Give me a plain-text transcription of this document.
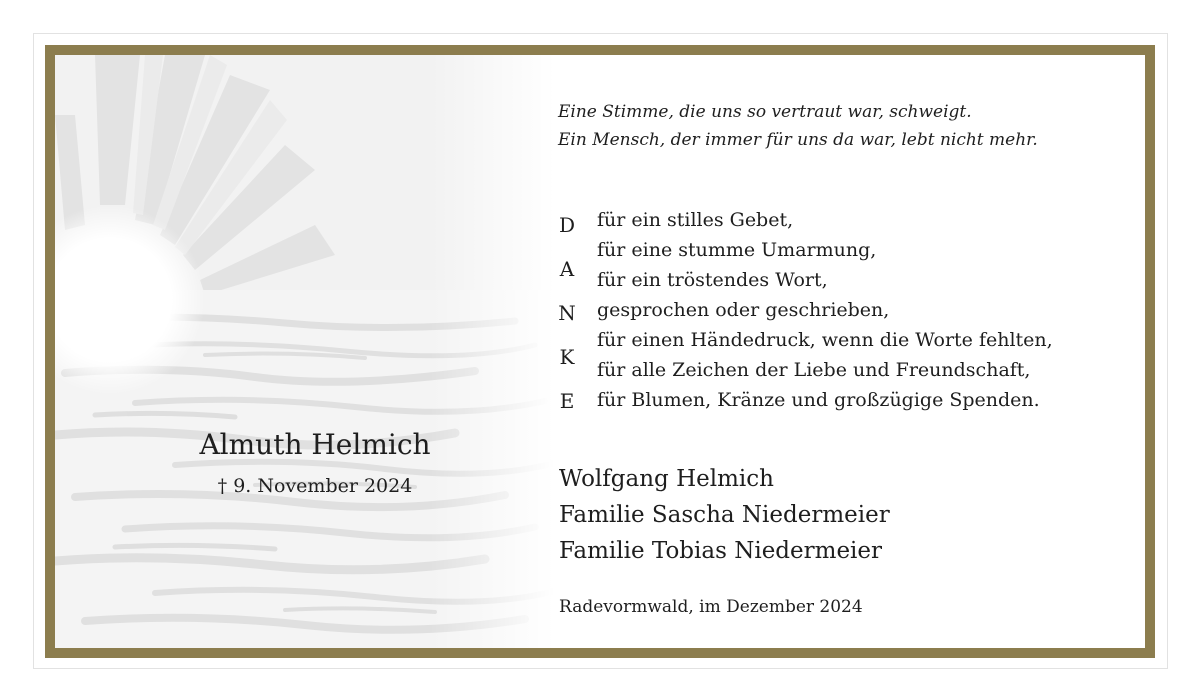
Almuth Helmich
† 9. November 2024
Eine Stimme, die uns so vertraut war, schweigt.
Ein Mensch, der immer für uns da war, lebt nicht mehr.
D
A
N
K
E
für ein stilles Gebet,
für eine stumme Umarmung,
für ein tröstendes Wort,
gesprochen oder geschrieben,
für einen Händedruck, wenn die Worte fehlten,
für alle Zeichen der Liebe und Freundschaft,
für Blumen, Kränze und großzügige Spenden.
Wolfgang Helmich
Familie Sascha Niedermeier
Familie Tobias Niedermeier
Radevormwald, im Dezember 2024
